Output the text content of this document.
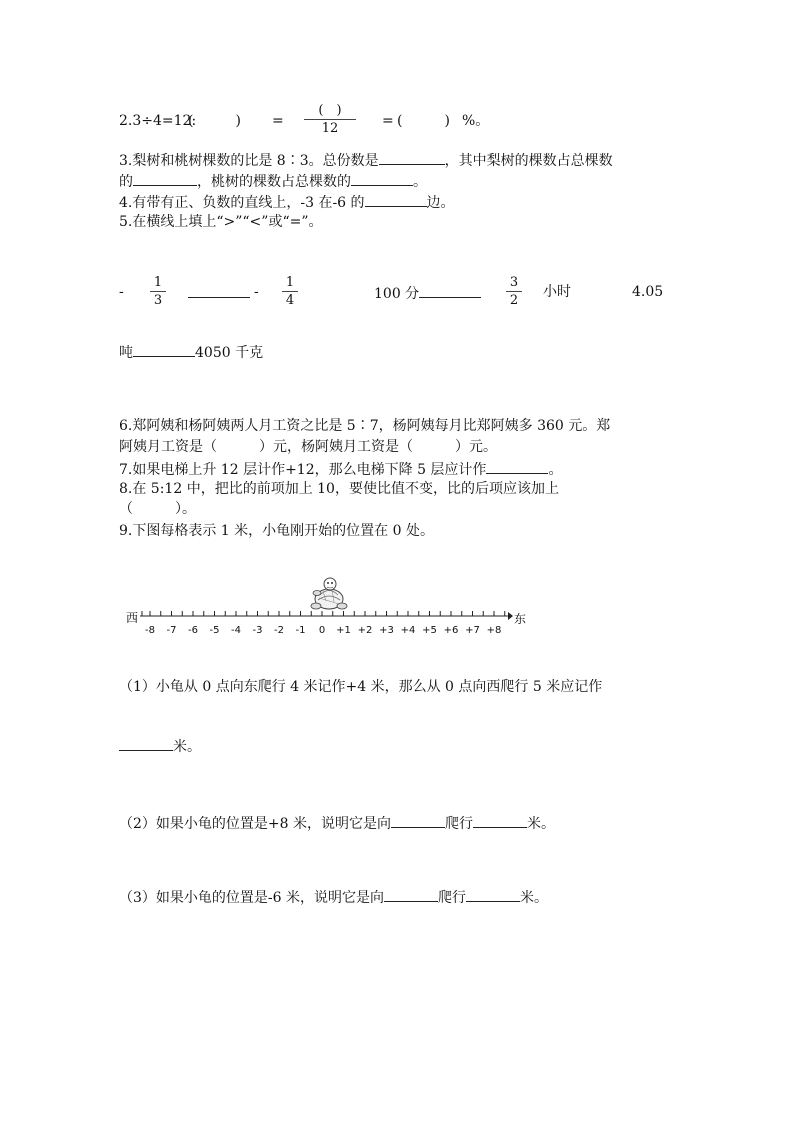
2.3÷4=12:
(　　　) =
(　)
12	= (　　　) %。
3.梨树和桃树棵数的比是 8∶3。总份数是	，其中梨树的棵数占总棵数
的	，桃树的棵数占总棵数的	。
4.有带有正、负数的直线上，-3 在-6 的	边。
5.在横线上填上“>”“<”或“=”。
-
1
3
-
1
4	100 分
3
2
小时	4.05
吨	4050 千克
6.郑阿姨和杨阿姨两人月工资之比是 5∶7，杨阿姨每月比郑阿姨多 360 元。郑
阿姨月工资是（　　　）元，杨阿姨月工资是（　　　）元。
7.如果电梯上升 12 层计作+12，那么电梯下降 5 层应计作	。
8.在 5:12 中，把比的前项加上 10，要使比值不变，比的后项应该加上
（　　　）。
9.下图每格表示 1 米，小龟刚开始的位置在 0 处。
西	东
-8 -7 -6 -5 -4 -3 -2 -1 0 +1 +2 +3 +4 +5 +6 +7 +8
（1）小龟从 0 点向东爬行 4 米记作+4 米，那么从 0 点向西爬行 5 米应记作
米。
（2）如果小龟的位置是+8 米，说明它是向	爬行	米。
（3）如果小龟的位置是-6 米，说明它是向	爬行	米。
